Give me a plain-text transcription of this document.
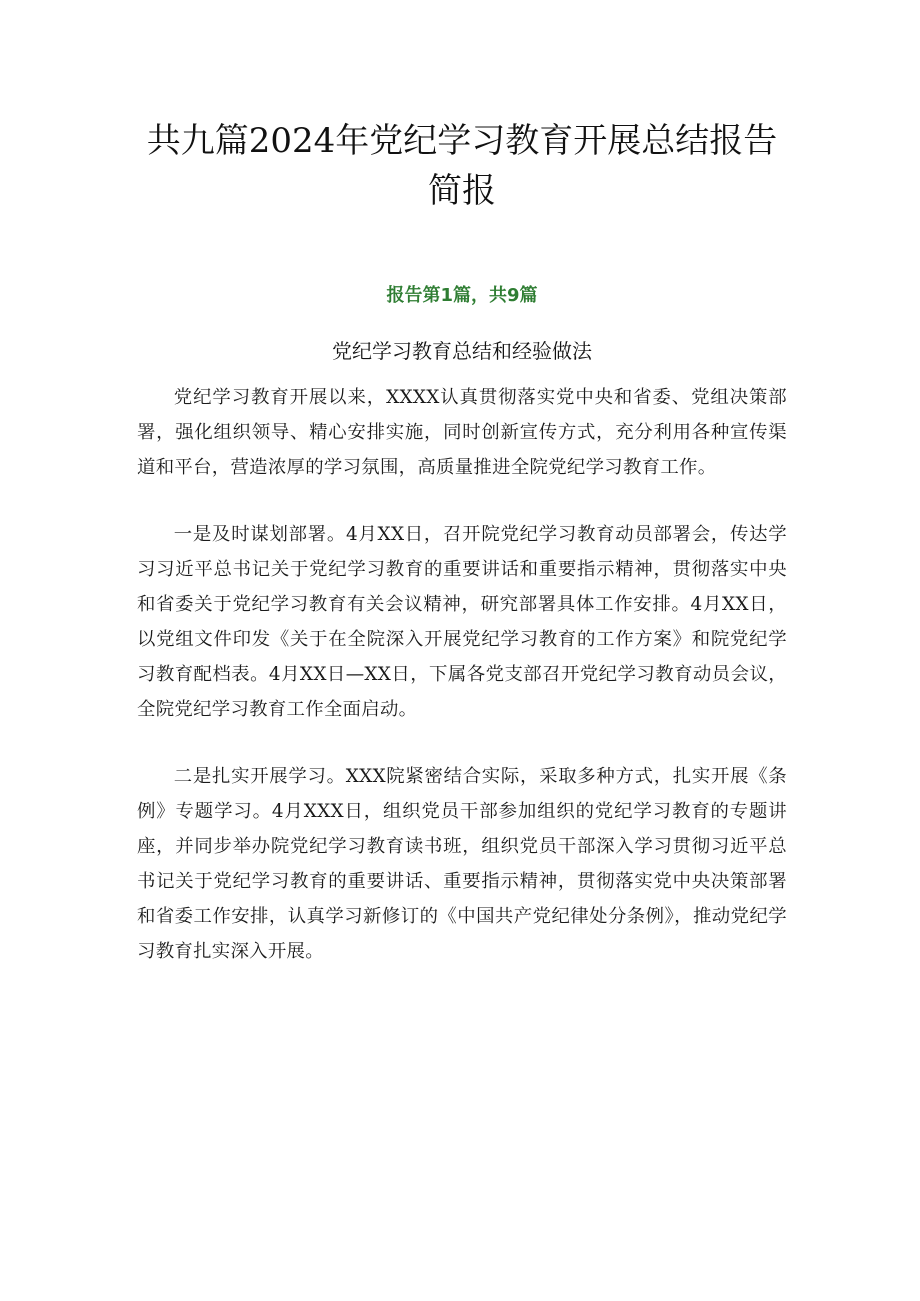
共九篇2024年党纪学习教育开展总结报告简报
报告第1篇，共9篇
党纪学习教育总结和经验做法

党纪学习教育开展以来，XXXX认真贯彻落实党中央和省委、党组决策部署，强化组织领导、精心安排实施，同时创新宣传方式，充分利用各种宣传渠道和平台，营造浓厚的学习氛围，高质量推进全院党纪学习教育工作。

一是及时谋划部署。4月XX日，召开院党纪学习教育动员部署会，传达学习习近平总书记关于党纪学习教育的重要讲话和重要指示精神，贯彻落实中央和省委关于党纪学习教育有关会议精神，研究部署具体工作安排。4月XX日，以党组文件印发《关于在全院深入开展党纪学习教育的工作方案》和院党纪学习教育配档表。4月XX日—XX日，下属各党支部召开党纪学习教育动员会议，全院党纪学习教育工作全面启动。

二是扎实开展学习。XXX院紧密结合实际，采取多种方式，扎实开展《条例》专题学习。4月XXX日，组织党员干部参加组织的党纪学习教育的专题讲座，并同步举办院党纪学习教育读书班，组织党员干部深入学习贯彻习近平总书记关于党纪学习教育的重要讲话、重要指示精神，贯彻落实党中央决策部署和省委工作安排，认真学习新修订的《中国共产党纪律处分条例》，推动党纪学习教育扎实深入开展。
